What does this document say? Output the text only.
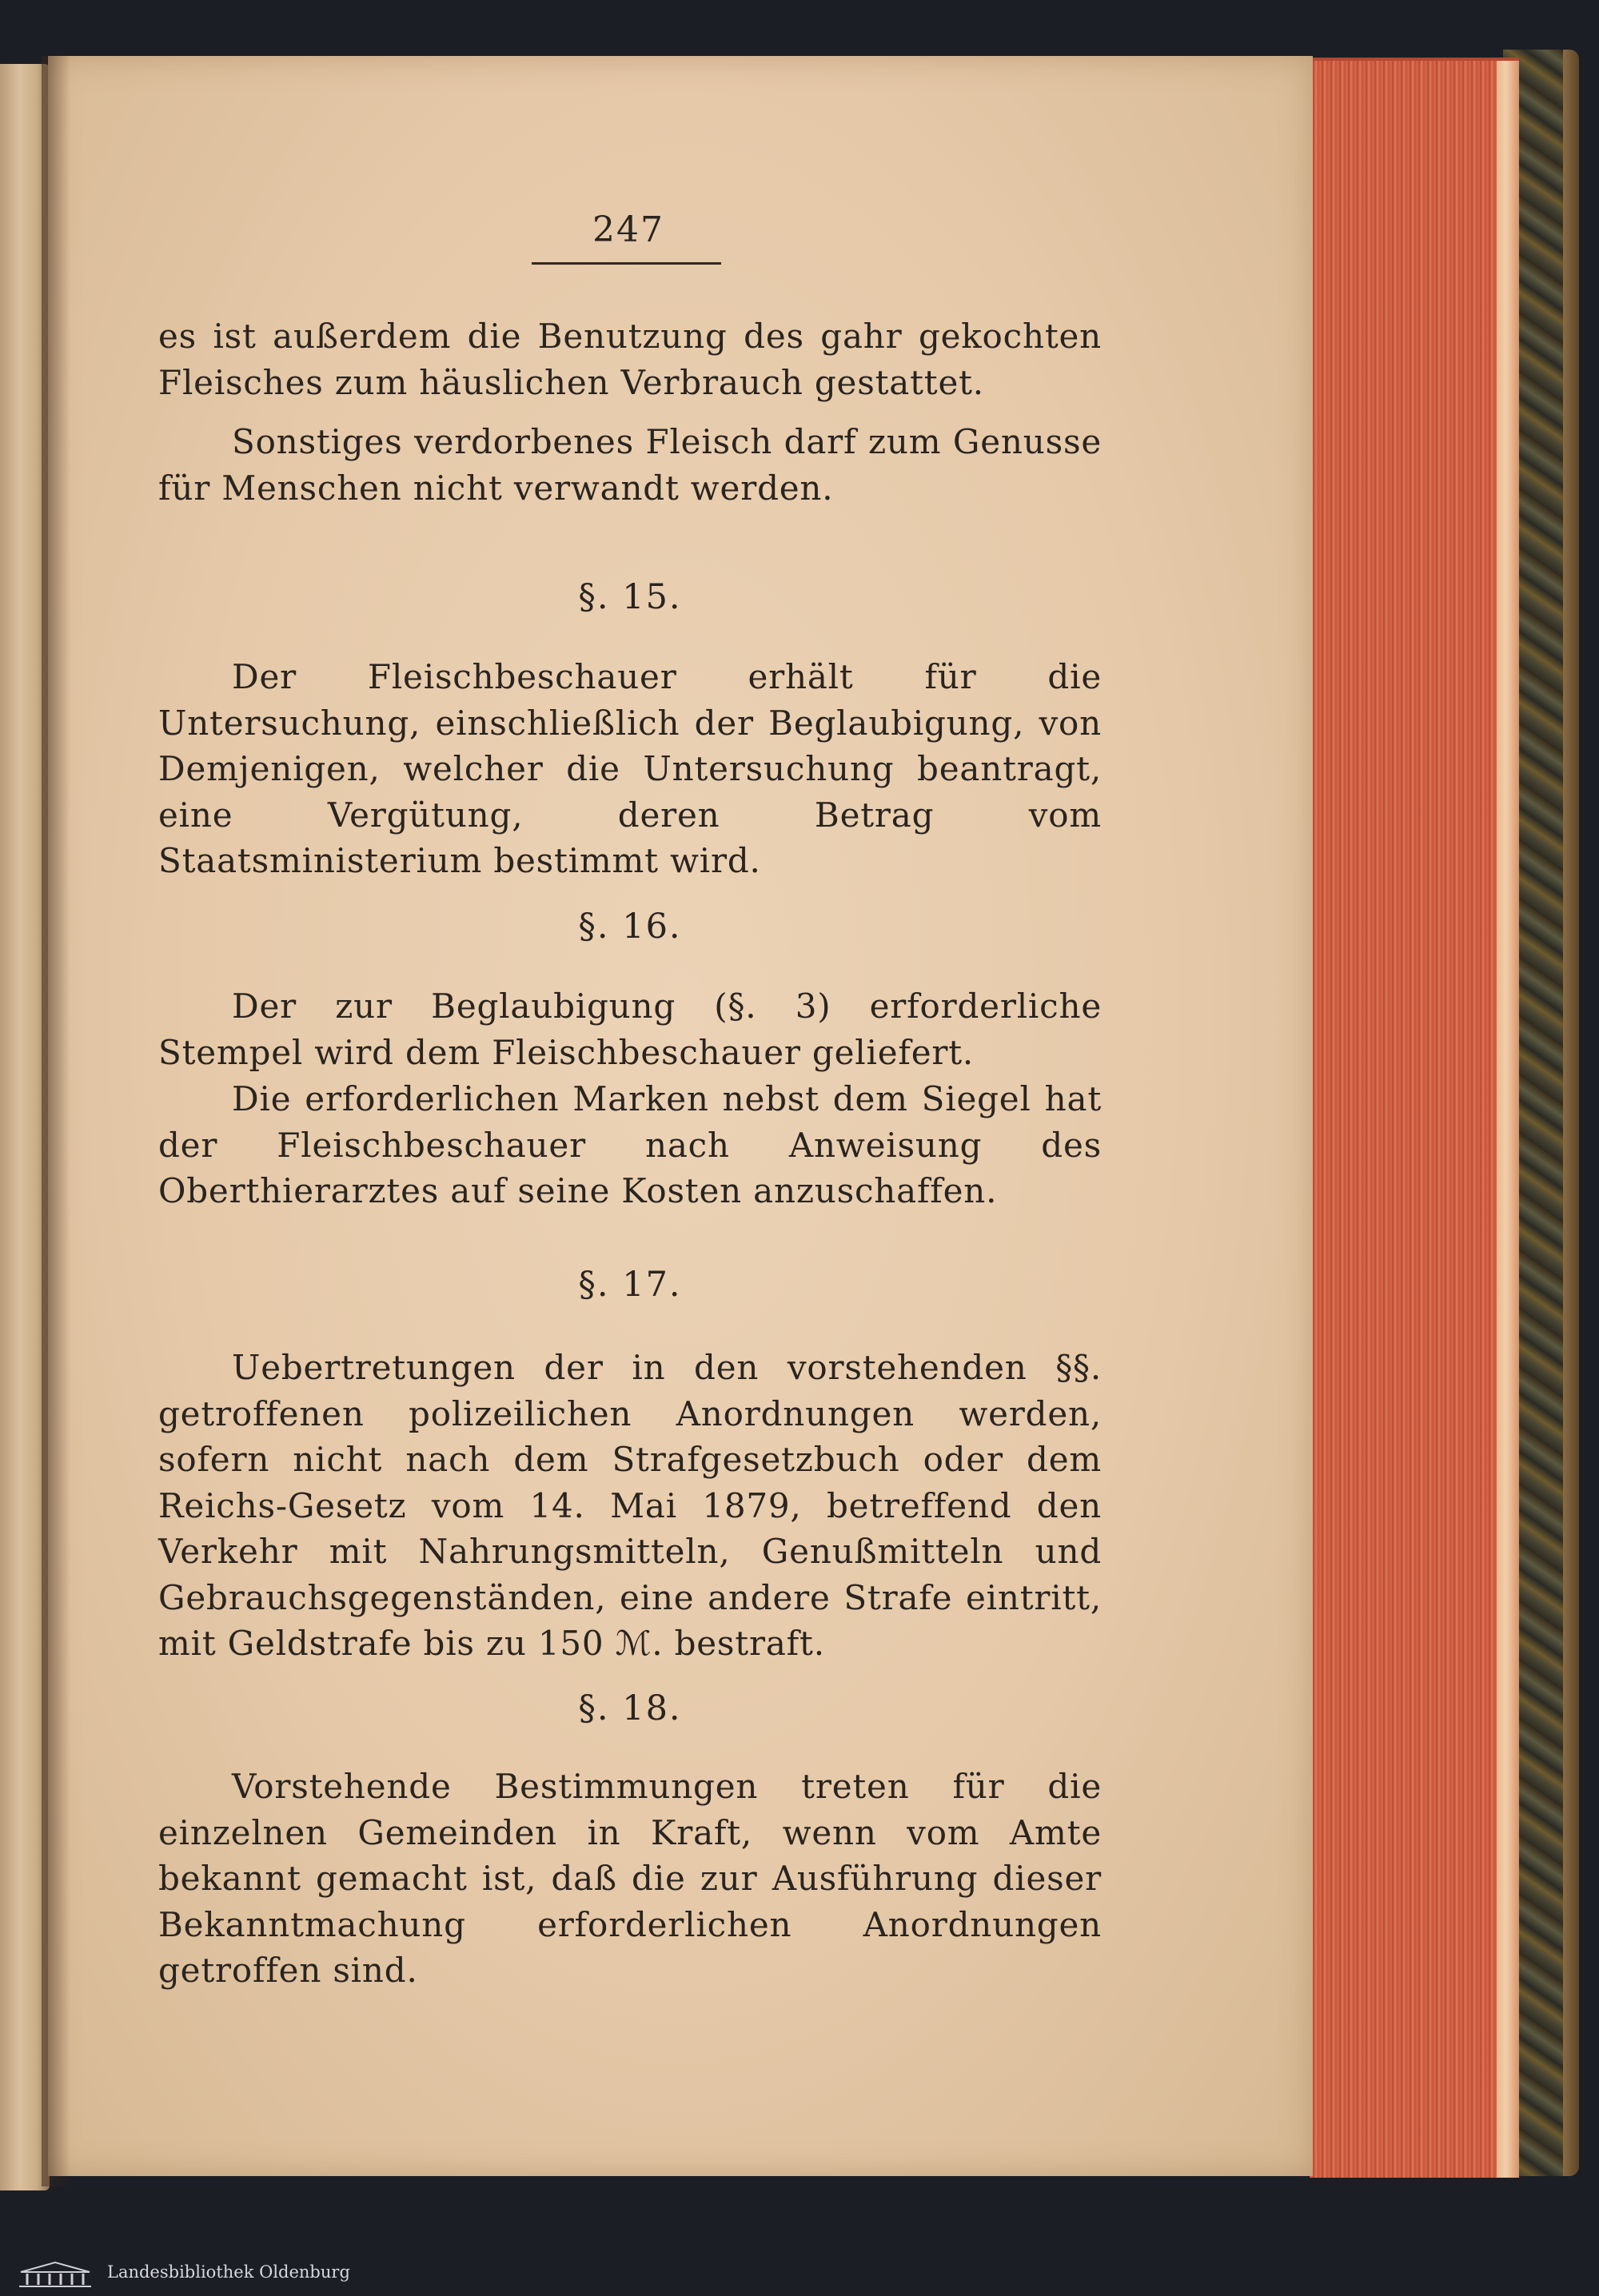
247
es ist außerdem die Benutzung des gahr gekochten Fleisches zum häuslichen Verbrauch gestattet.
Sonstiges verdorbenes Fleisch darf zum Genusse für Menschen nicht verwandt werden.
§. 15.
Der Fleischbeschauer erhält für die Untersuchung, einschließlich der Beglaubigung, von Demjenigen, welcher die Untersuchung beantragt, eine Vergütung, deren Betrag vom Staatsministerium bestimmt wird.
§. 16.
Der zur Beglaubigung (§. 3) erforderliche Stempel wird dem Fleischbeschauer geliefert.
Die erforderlichen Marken nebst dem Siegel hat der Fleischbeschauer nach Anweisung des Oberthierarztes auf seine Kosten anzuschaffen.
§. 17.
Uebertretungen der in den vorstehenden §§. getroffenen polizeilichen Anordnungen werden, sofern nicht nach dem Strafgesetzbuch oder dem Reichs-Gesetz vom 14. Mai 1879, betreffend den Verkehr mit Nahrungsmitteln, Genußmitteln und Gebrauchsgegenständen, eine andere Strafe eintritt, mit Geldstrafe bis zu 150 ℳ. bestraft.
§. 18.
Vorstehende Bestimmungen treten für die einzelnen Gemeinden in Kraft, wenn vom Amte bekannt gemacht ist, daß die zur Ausführung dieser Bekanntmachung erforderlichen Anordnungen getroffen sind.
Landesbibliothek Oldenburg
